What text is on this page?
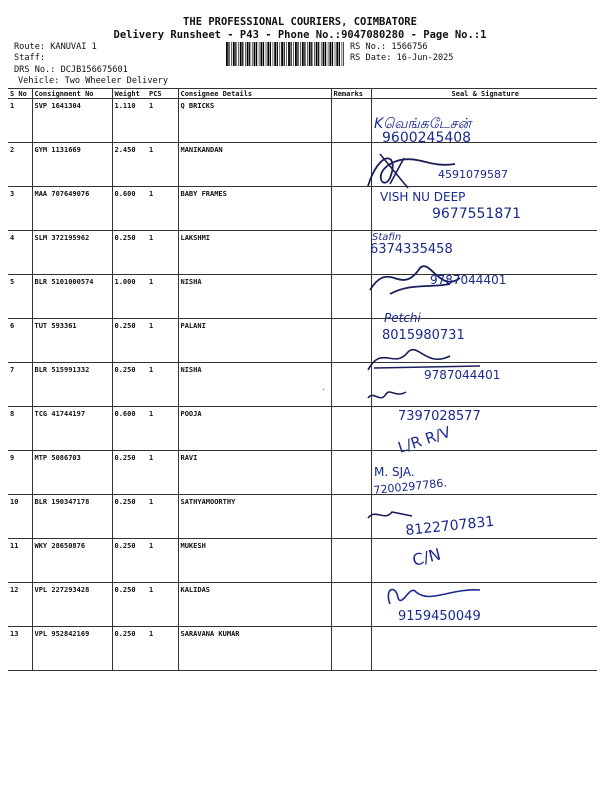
THE PROFESSIONAL COURIERS, COIMBATORE
Delivery Runsheet - P43 - Phone No.:9047080280 - Page No.:1
Route: KANUVAI 1
Staff:
DRS No.: DCJB156675601
Vehicle: Two Wheeler Delivery
RS No.: 1566756
RS Date: 16-Jun-2025
S No	Consignment No	Weight	PCS	Consignee Details	Remarks	Seal & Signature
1	SVP 1641304	1.110	1	Q BRICKS		
2	GYM 1131669	2.450	1	MANIKANDAN		
3	MAA 707649076	0.600	1	BABY FRAMES		
4	SLM 372195962	0.250	1	LAKSHMI		
5	BLR 5101000574	1.000	1	NISHA		
6	TUT 593361	0.250	1	PALANI		
7	BLR 515991332	0.250	1	NISHA		
8	TCG 41744197	0.600	1	POOJA		
9	MTP 5086703	0.250	1	RAVI		
10	BLR 190347178	0.250	1	SATHYAMOORTHY		
11	WKY 28650876	0.250	1	MUKESH		
12	VPL 227293428	0.250	1	KALIDAS		
13	VPL 952842169	0.250	1	SARAVANA KUMAR		
·
Kவெங்கடேசன்
9600245408
4591079587
VISH NU DEEP
9677551871
Stafin
6374335458
9787044401
Petchi
8015980731
9787044401
7397028577
L/R R/V
M. SJA.
7200297786.
8122707831
C/N
9159450049
